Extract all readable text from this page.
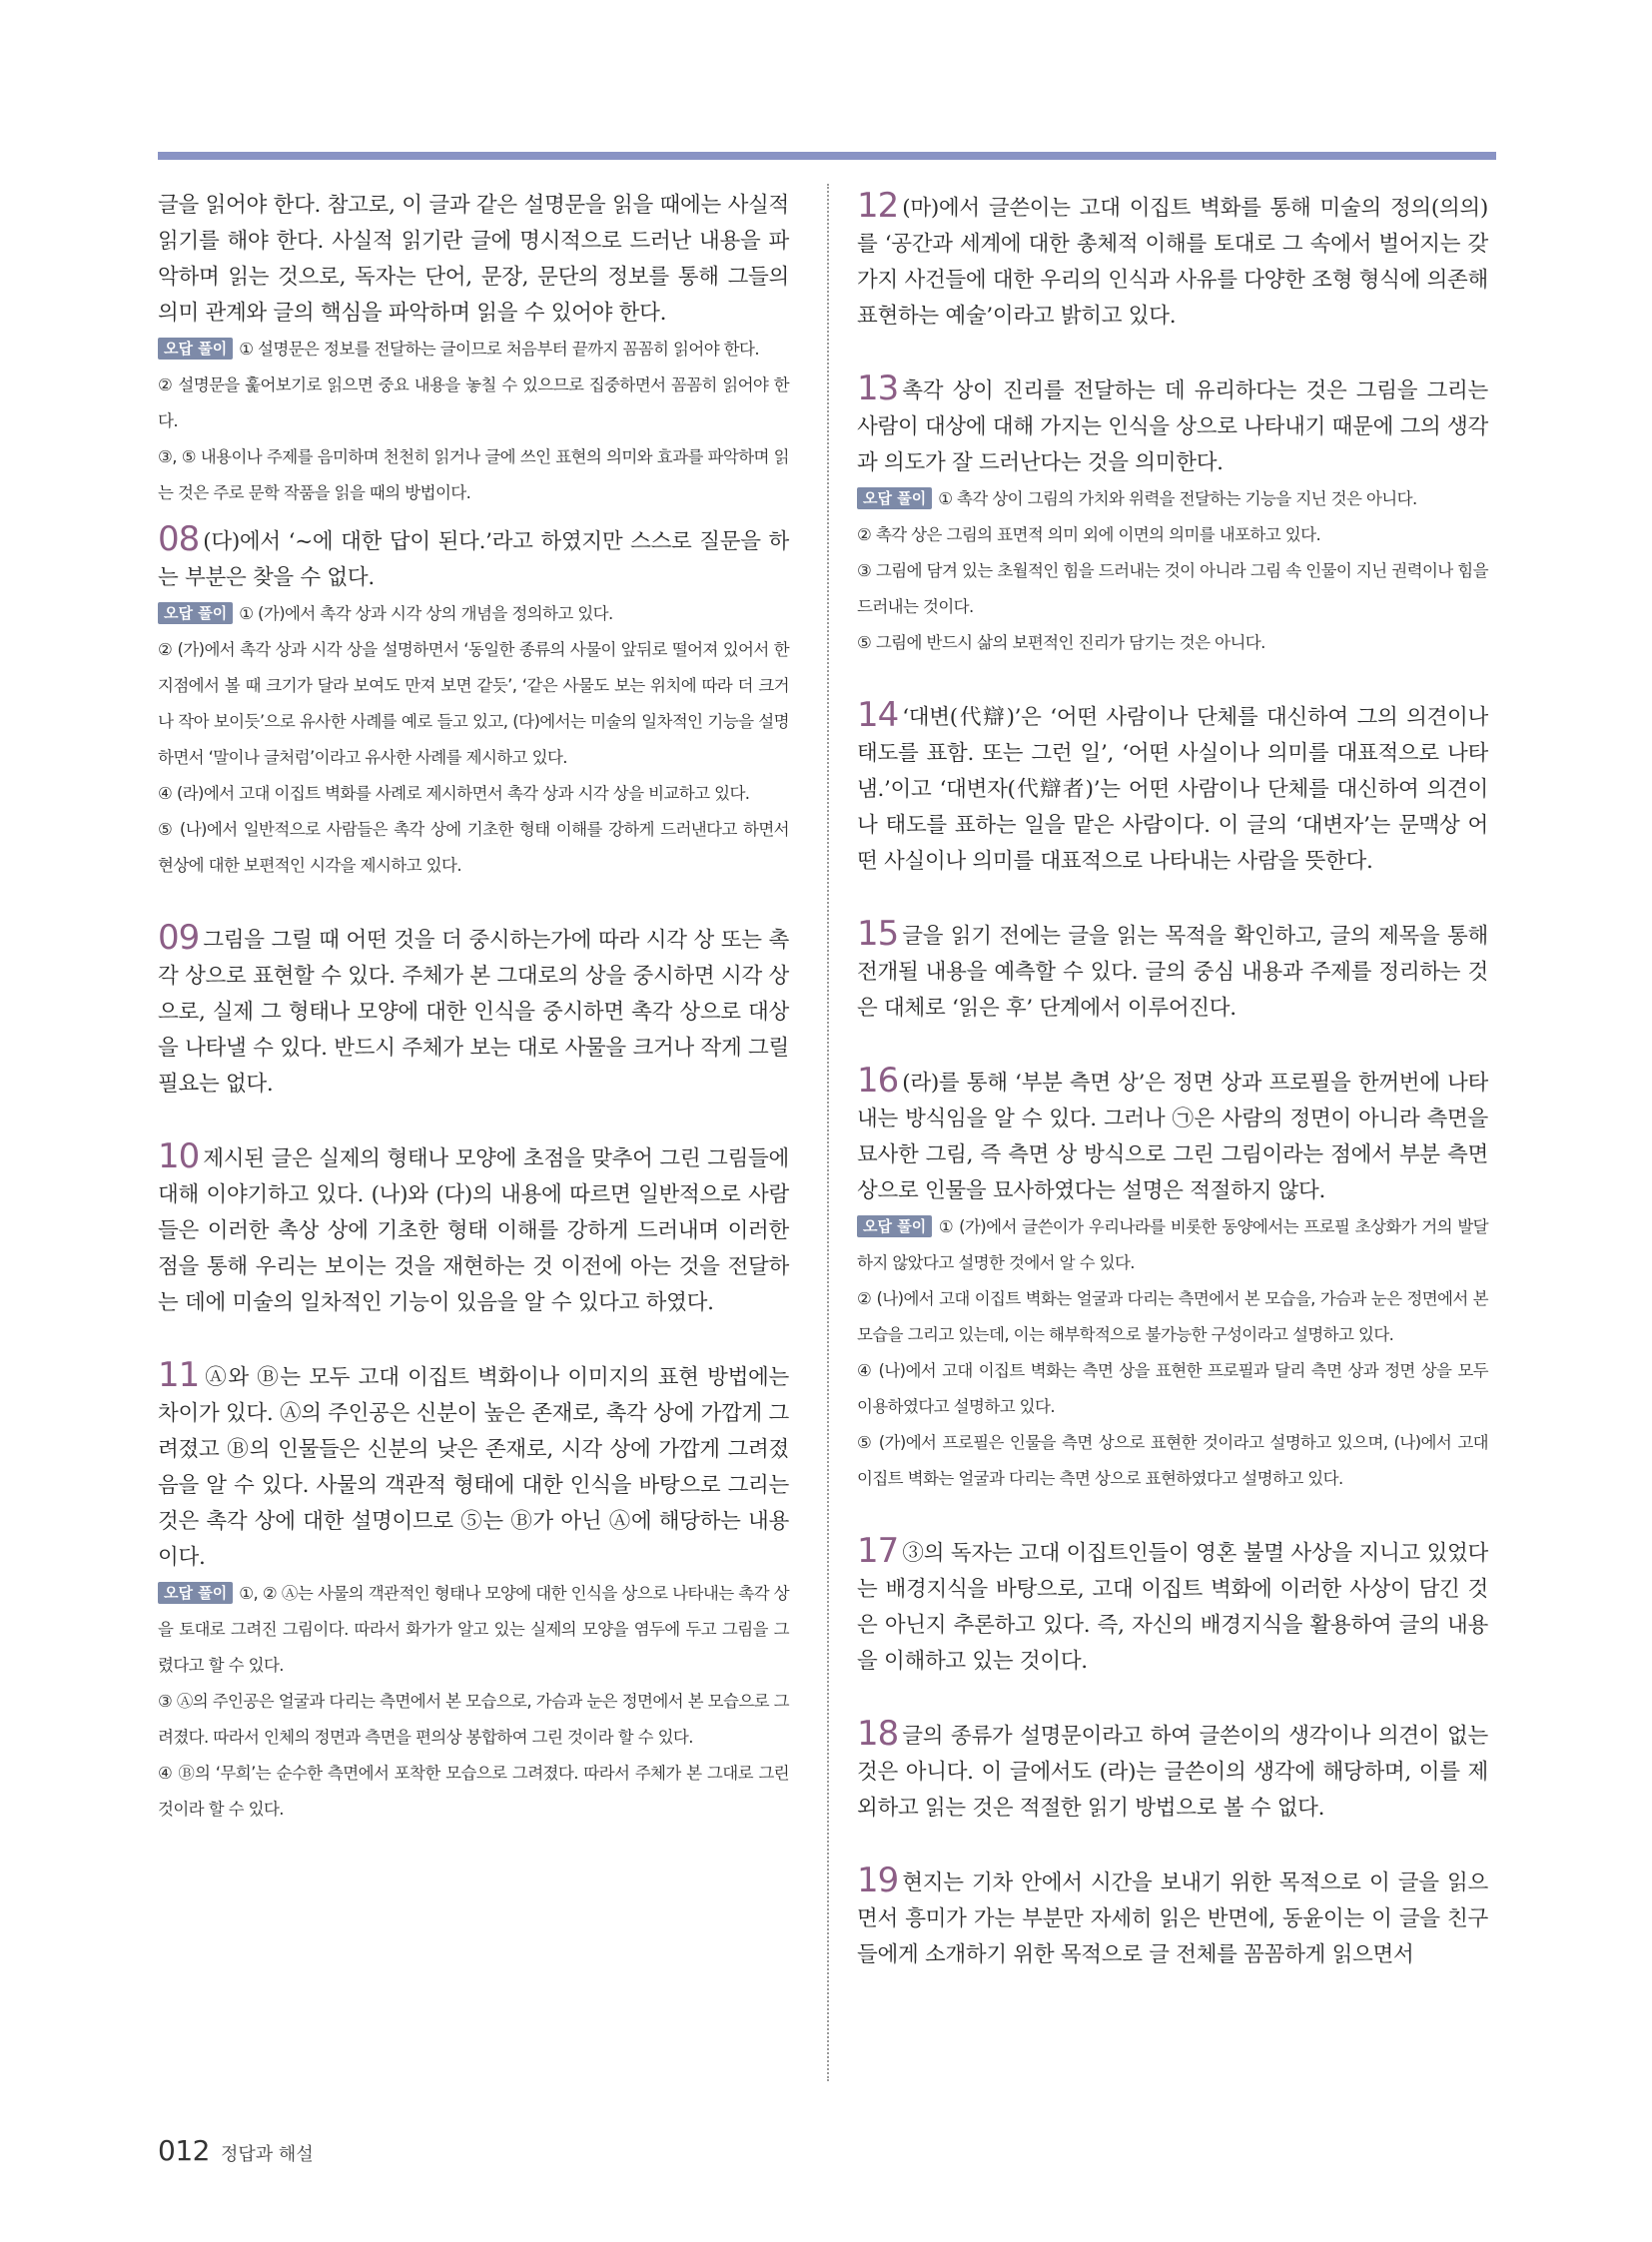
글을 읽어야 한다. 참고로, 이 글과 같은 설명문을 읽을 때에는 사실적 읽기를 해야 한다. 사실적 읽기란 글에 명시적으로 드러난 내용을 파악하며 읽는 것으로, 독자는 단어, 문장, 문단의 정보를 통해 그들의 의미 관계와 글의 핵심을 파악하며 읽을 수 있어야 한다.

오답 풀이 ① 설명문은 정보를 전달하는 글이므로 처음부터 끝까지 꼼꼼히 읽어야 한다.

② 설명문을 훑어보기로 읽으면 중요 내용을 놓칠 수 있으므로 집중하면서 꼼꼼히 읽어야 한다.

③, ⑤ 내용이나 주제를 음미하며 천천히 읽거나 글에 쓰인 표현의 의미와 효과를 파악하며 읽는 것은 주로 문학 작품을 읽을 때의 방법이다.

08 (다)에서 ‘~에 대한 답이 된다.’라고 하였지만 스스로 질문을 하는 부분은 찾을 수 없다.

오답 풀이 ① (가)에서 촉각 상과 시각 상의 개념을 정의하고 있다.

② (가)에서 촉각 상과 시각 상을 설명하면서 ‘동일한 종류의 사물이 앞뒤로 떨어져 있어서 한 지점에서 볼 때 크기가 달라 보여도 만져 보면 같듯’, ‘같은 사물도 보는 위치에 따라 더 크거나 작아 보이듯’으로 유사한 사례를 예로 들고 있고, (다)에서는 미술의 일차적인 기능을 설명하면서 ‘말이나 글처럼’이라고 유사한 사례를 제시하고 있다.

④ (라)에서 고대 이집트 벽화를 사례로 제시하면서 촉각 상과 시각 상을 비교하고 있다.

⑤ (나)에서 일반적으로 사람들은 촉각 상에 기초한 형태 이해를 강하게 드러낸다고 하면서 현상에 대한 보편적인 시각을 제시하고 있다.

09 그림을 그릴 때 어떤 것을 더 중시하는가에 따라 시각 상 또는 촉각 상으로 표현할 수 있다. 주체가 본 그대로의 상을 중시하면 시각 상으로, 실제 그 형태나 모양에 대한 인식을 중시하면 촉각 상으로 대상을 나타낼 수 있다. 반드시 주체가 보는 대로 사물을 크거나 작게 그릴 필요는 없다.

10 제시된 글은 실제의 형태나 모양에 초점을 맞추어 그린 그림들에 대해 이야기하고 있다. (나)와 (다)의 내용에 따르면 일반적으로 사람들은 이러한 촉상 상에 기초한 형태 이해를 강하게 드러내며 이러한 점을 통해 우리는 보이는 것을 재현하는 것 이전에 아는 것을 전달하는 데에 미술의 일차적인 기능이 있음을 알 수 있다고 하였다.

11 Ⓐ와 Ⓑ는 모두 고대 이집트 벽화이나 이미지의 표현 방법에는 차이가 있다. Ⓐ의 주인공은 신분이 높은 존재로, 촉각 상에 가깝게 그려졌고 Ⓑ의 인물들은 신분의 낮은 존재로, 시각 상에 가깝게 그려졌음을 알 수 있다. 사물의 객관적 형태에 대한 인식을 바탕으로 그리는 것은 촉각 상에 대한 설명이므로 ⑤는 Ⓑ가 아닌 Ⓐ에 해당하는 내용이다.

오답 풀이 ①, ② Ⓐ는 사물의 객관적인 형태나 모양에 대한 인식을 상으로 나타내는 촉각 상을 토대로 그려진 그림이다. 따라서 화가가 알고 있는 실제의 모양을 염두에 두고 그림을 그렸다고 할 수 있다.

③ Ⓐ의 주인공은 얼굴과 다리는 측면에서 본 모습으로, 가슴과 눈은 정면에서 본 모습으로 그려졌다. 따라서 인체의 정면과 측면을 편의상 봉합하여 그린 것이라 할 수 있다.

④ Ⓑ의 ‘무희’는 순수한 측면에서 포착한 모습으로 그려졌다. 따라서 주체가 본 그대로 그린 것이라 할 수 있다.

12 (마)에서 글쓴이는 고대 이집트 벽화를 통해 미술의 정의(의의)를 ‘공간과 세계에 대한 총체적 이해를 토대로 그 속에서 벌어지는 갖가지 사건들에 대한 우리의 인식과 사유를 다양한 조형 형식에 의존해 표현하는 예술’이라고 밝히고 있다.

13 촉각 상이 진리를 전달하는 데 유리하다는 것은 그림을 그리는 사람이 대상에 대해 가지는 인식을 상으로 나타내기 때문에 그의 생각과 의도가 잘 드러난다는 것을 의미한다.

오답 풀이 ① 촉각 상이 그림의 가치와 위력을 전달하는 기능을 지닌 것은 아니다.

② 촉각 상은 그림의 표면적 의미 외에 이면의 의미를 내포하고 있다.

③ 그림에 담겨 있는 초월적인 힘을 드러내는 것이 아니라 그림 속 인물이 지닌 권력이나 힘을 드러내는 것이다.

⑤ 그림에 반드시 삶의 보편적인 진리가 담기는 것은 아니다.

14 ‘대변(代辯)’은 ‘어떤 사람이나 단체를 대신하여 그의 의견이나 태도를 표함. 또는 그런 일’, ‘어떤 사실이나 의미를 대표적으로 나타냄.’이고 ‘대변자(代辯者)’는 어떤 사람이나 단체를 대신하여 의견이나 태도를 표하는 일을 맡은 사람이다. 이 글의 ‘대변자’는 문맥상 어떤 사실이나 의미를 대표적으로 나타내는 사람을 뜻한다.

15 글을 읽기 전에는 글을 읽는 목적을 확인하고, 글의 제목을 통해 전개될 내용을 예측할 수 있다. 글의 중심 내용과 주제를 정리하는 것은 대체로 ‘읽은 후’ 단계에서 이루어진다.

16 (라)를 통해 ‘부분 측면 상’은 정면 상과 프로필을 한꺼번에 나타내는 방식임을 알 수 있다. 그러나 ㉠은 사람의 정면이 아니라 측면을 묘사한 그림, 즉 측면 상 방식으로 그린 그림이라는 점에서 부분 측면 상으로 인물을 묘사하였다는 설명은 적절하지 않다.

오답 풀이 ① (가)에서 글쓴이가 우리나라를 비롯한 동양에서는 프로필 초상화가 거의 발달하지 않았다고 설명한 것에서 알 수 있다.

② (나)에서 고대 이집트 벽화는 얼굴과 다리는 측면에서 본 모습을, 가슴과 눈은 정면에서 본 모습을 그리고 있는데, 이는 해부학적으로 불가능한 구성이라고 설명하고 있다.

④ (나)에서 고대 이집트 벽화는 측면 상을 표현한 프로필과 달리 측면 상과 정면 상을 모두 이용하였다고 설명하고 있다.

⑤ (가)에서 프로필은 인물을 측면 상으로 표현한 것이라고 설명하고 있으며, (나)에서 고대 이집트 벽화는 얼굴과 다리는 측면 상으로 표현하였다고 설명하고 있다.

17 ③의 독자는 고대 이집트인들이 영혼 불멸 사상을 지니고 있었다는 배경지식을 바탕으로, 고대 이집트 벽화에 이러한 사상이 담긴 것은 아닌지 추론하고 있다. 즉, 자신의 배경지식을 활용하여 글의 내용을 이해하고 있는 것이다.

18 글의 종류가 설명문이라고 하여 글쓴이의 생각이나 의견이 없는 것은 아니다. 이 글에서도 (라)는 글쓴이의 생각에 해당하며, 이를 제외하고 읽는 것은 적절한 읽기 방법으로 볼 수 없다.

19 현지는 기차 안에서 시간을 보내기 위한 목적으로 이 글을 읽으면서 흥미가 가는 부분만 자세히 읽은 반면에, 동윤이는 이 글을 친구들에게 소개하기 위한 목적으로 글 전체를 꼼꼼하게 읽으면서

012 정답과 해설
